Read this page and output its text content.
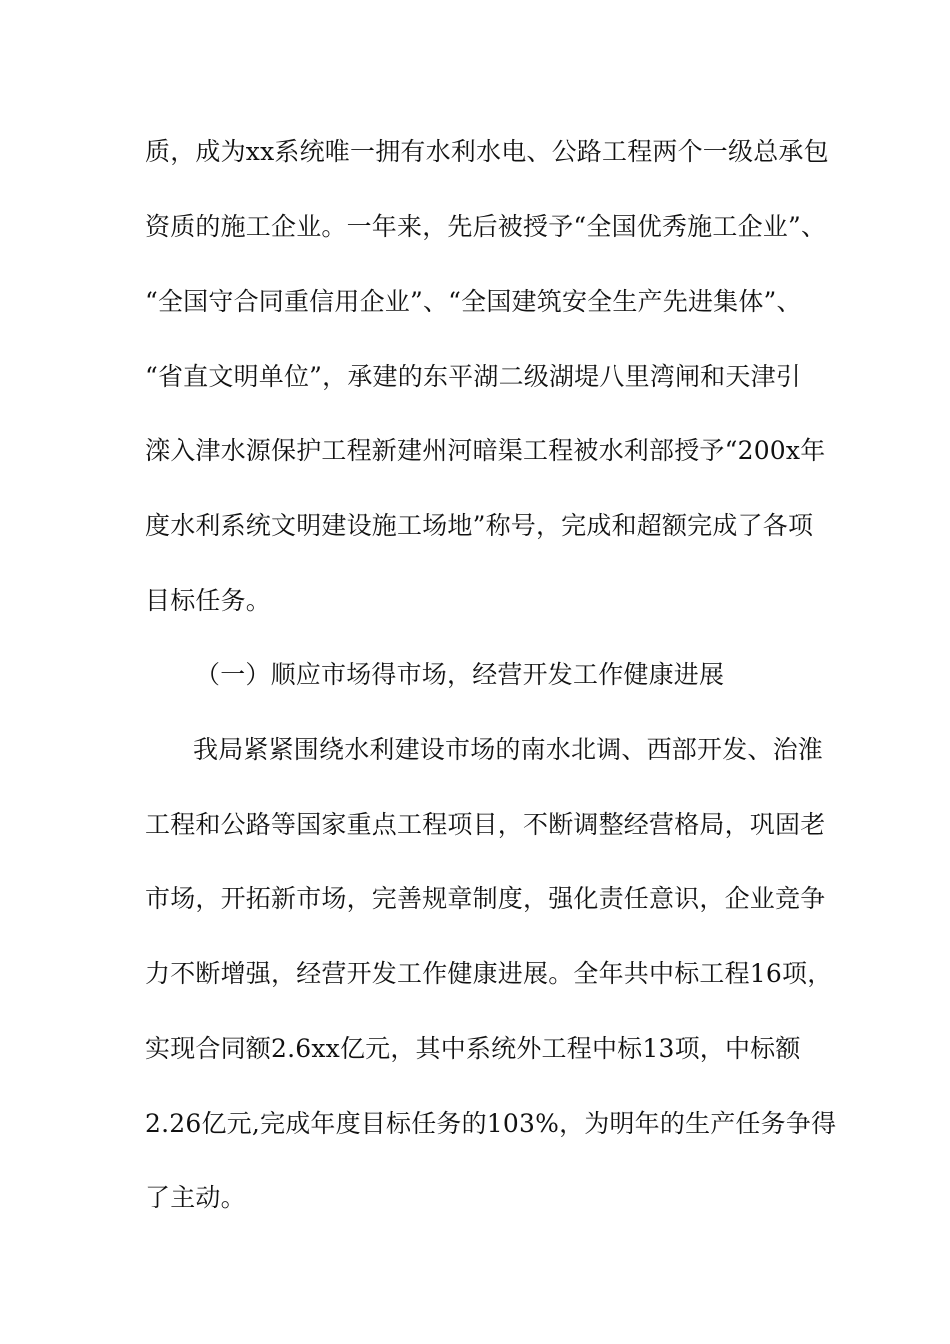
质，成为xx系统唯一拥有水利水电、公路工程两个一级总承包
资质的施工企业。一年来，先后被授予“全国优秀施工企业”、
“全国守合同重信用企业”、“全国建筑安全生产先进集体”、
“省直文明单位”，承建的东平湖二级湖堤八里湾闸和天津引
滦入津水源保护工程新建州河暗渠工程被水利部授予“200x年
度水利系统文明建设施工场地”称号，完成和超额完成了各项
目标任务。
（一）顺应市场得市场，经营开发工作健康进展
我局紧紧围绕水利建设市场的南水北调、西部开发、治淮
工程和公路等国家重点工程项目，不断调整经营格局，巩固老
市场，开拓新市场，完善规章制度，强化责任意识，企业竞争
力不断增强，经营开发工作健康进展。全年共中标工程16项，
实现合同额2.6xx亿元，其中系统外工程中标13项，中标额
2.26亿元,完成年度目标任务的103%，为明年的生产任务争得
了主动。
